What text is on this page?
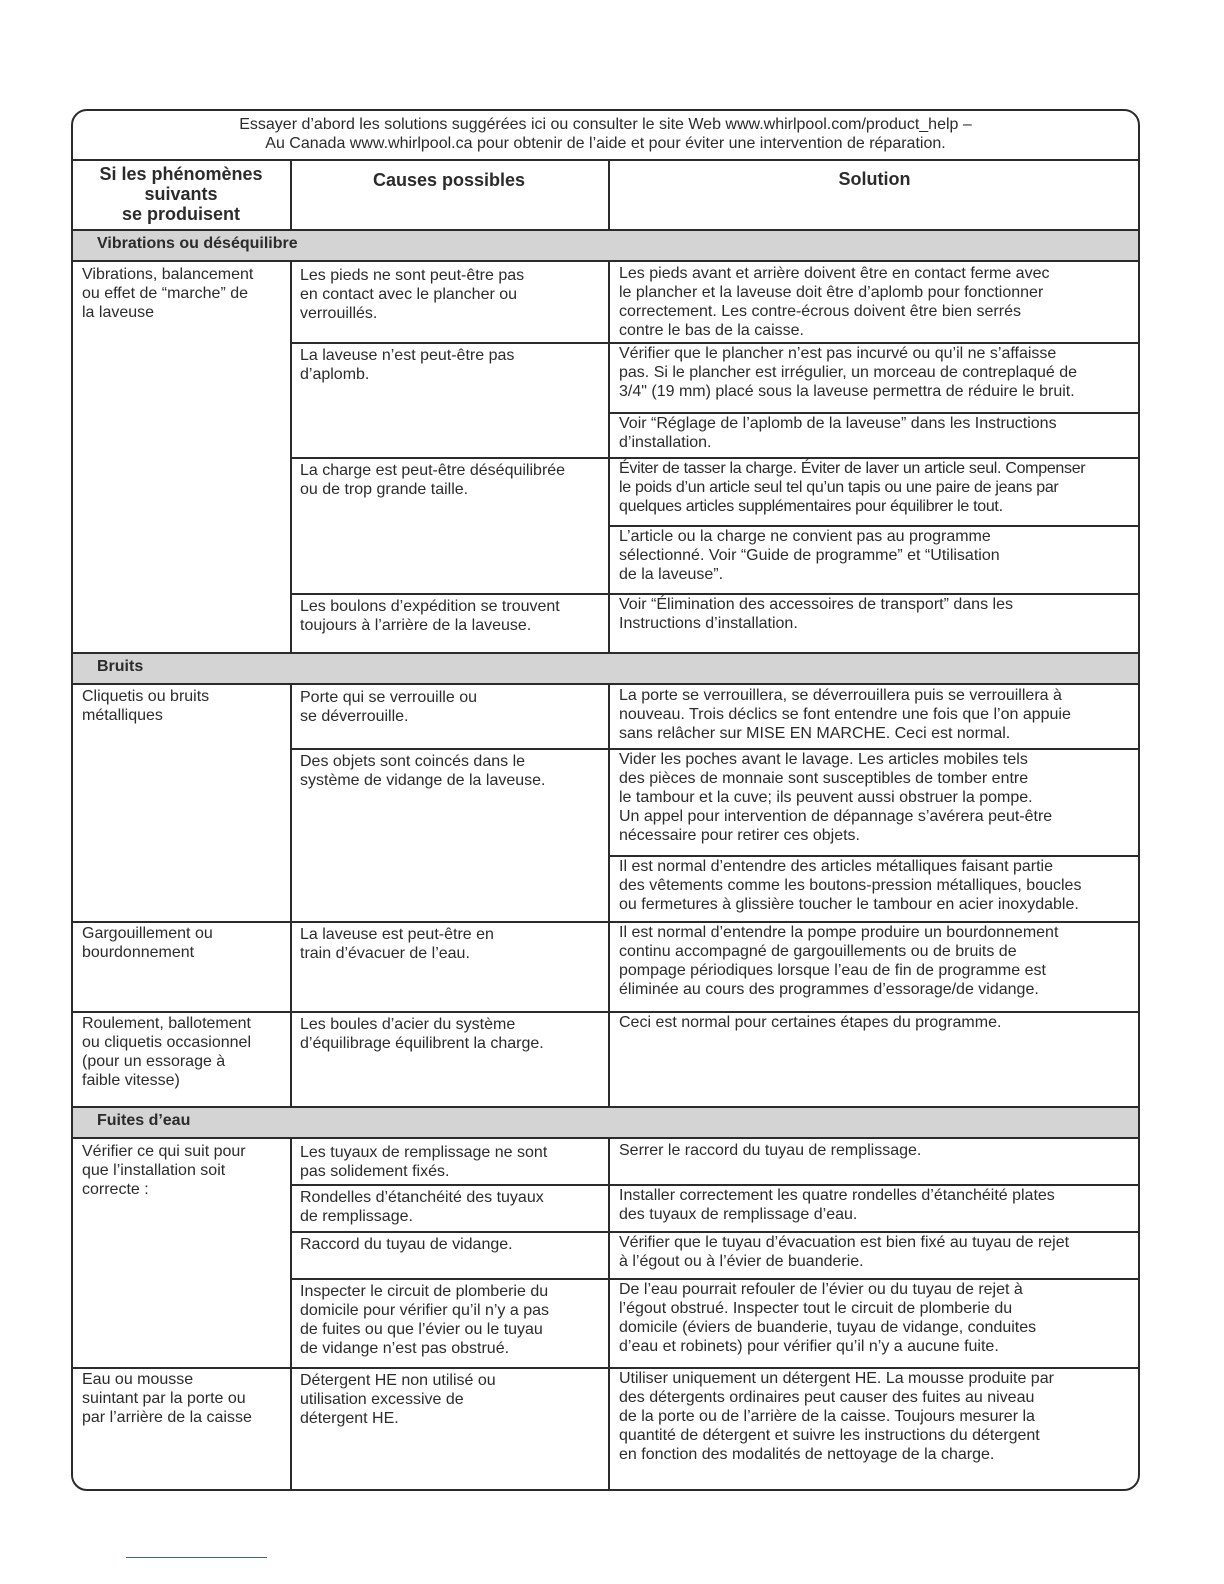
Essayer d’abord les solutions suggérées ici ou consulter le site Web www.whirlpool.com/product_help –
Au Canada www.whirlpool.ca pour obtenir de l’aide et pour éviter une intervention de réparation.
Si les phénomènes
suivants
se produisent
Causes possibles	Solution
Vibrations ou déséquilibre
Vibrations, balancement
ou effet de “marche” de
la laveuse
Les pieds ne sont peut-être pas
en contact avec le plancher ou
verrouillés.
Les pieds avant et arrière doivent être en contact ferme avec
le plancher et la laveuse doit être d’aplomb pour fonctionner
correctement. Les contre-écrous doivent être bien serrés
contre le bas de la caisse.
La laveuse n’est peut-être pas
d’aplomb.
Vérifier que le plancher n’est pas incurvé ou qu’il ne s’affaisse
pas. Si le plancher est irrégulier, un morceau de contreplaqué de
3/4" (19 mm) placé sous la laveuse permettra de réduire le bruit.
Voir “Réglage de l’aplomb de la laveuse” dans les Instructions
d’installation.
La charge est peut-être déséquilibrée
ou de trop grande taille.
Éviter de tasser la charge. Éviter de laver un article seul. Compenser
le poids d’un article seul tel qu’un tapis ou une paire de jeans par
quelques articles supplémentaires pour équilibrer le tout.
L’article ou la charge ne convient pas au programme
sélectionné. Voir “Guide de programme” et “Utilisation
de la laveuse”.
Les boulons d’expédition se trouvent
toujours à l’arrière de la laveuse.
Voir “Élimination des accessoires de transport” dans les
Instructions d’installation.
Bruits
Cliquetis ou bruits
métalliques
Porte qui se verrouille ou
se déverrouille.
La porte se verrouillera, se déverrouillera puis se verrouillera à
nouveau. Trois déclics se font entendre une fois que l’on appuie
sans relâcher sur MISE EN MARCHE. Ceci est normal.
Des objets sont coincés dans le
système de vidange de la laveuse.
Vider les poches avant le lavage. Les articles mobiles tels
des pièces de monnaie sont susceptibles de tomber entre
le tambour et la cuve; ils peuvent aussi obstruer la pompe.
Un appel pour intervention de dépannage s’avérera peut-être
nécessaire pour retirer ces objets.
Il est normal d’entendre des articles métalliques faisant partie
des vêtements comme les boutons-pression métalliques, boucles
ou fermetures à glissière toucher le tambour en acier inoxydable.
Gargouillement ou
bourdonnement
La laveuse est peut-être en
train d’évacuer de l’eau.
Il est normal d’entendre la pompe produire un bourdonnement
continu accompagné de gargouillements ou de bruits de
pompage périodiques lorsque l’eau de fin de programme est
éliminée au cours des programmes d’essorage/de vidange.
Roulement, ballotement
ou cliquetis occasionnel
(pour un essorage à
faible vitesse)
Les boules d’acier du système
d’équilibrage équilibrent la charge.
Ceci est normal pour certaines étapes du programme.
Fuites d’eau
Vérifier ce qui suit pour
que l’installation soit
correcte :
Les tuyaux de remplissage ne sont
pas solidement fixés.
Serrer le raccord du tuyau de remplissage.
Rondelles d’étanchéité des tuyaux
de remplissage.
Installer correctement les quatre rondelles d’étanchéité plates
des tuyaux de remplissage d’eau.
Raccord du tuyau de vidange.	Vérifier que le tuyau d’évacuation est bien fixé au tuyau de rejet
à l’égout ou à l’évier de buanderie.
Inspecter le circuit de plomberie du
domicile pour vérifier qu’il n’y a pas
de fuites ou que l’évier ou le tuyau
de vidange n’est pas obstrué.
De l’eau pourrait refouler de l’évier ou du tuyau de rejet à
l’égout obstrué. Inspecter tout le circuit de plomberie du
domicile (éviers de buanderie, tuyau de vidange, conduites
d’eau et robinets) pour vérifier qu’il n’y a aucune fuite.
Eau ou mousse
suintant par la porte ou
par l’arrière de la caisse
Détergent HE non utilisé ou
utilisation excessive de
détergent HE.
Utiliser uniquement un détergent HE. La mousse produite par
des détergents ordinaires peut causer des fuites au niveau
de la porte ou de l’arrière de la caisse. Toujours mesurer la
quantité de détergent et suivre les instructions du détergent
en fonction des modalités de nettoyage de la charge.
